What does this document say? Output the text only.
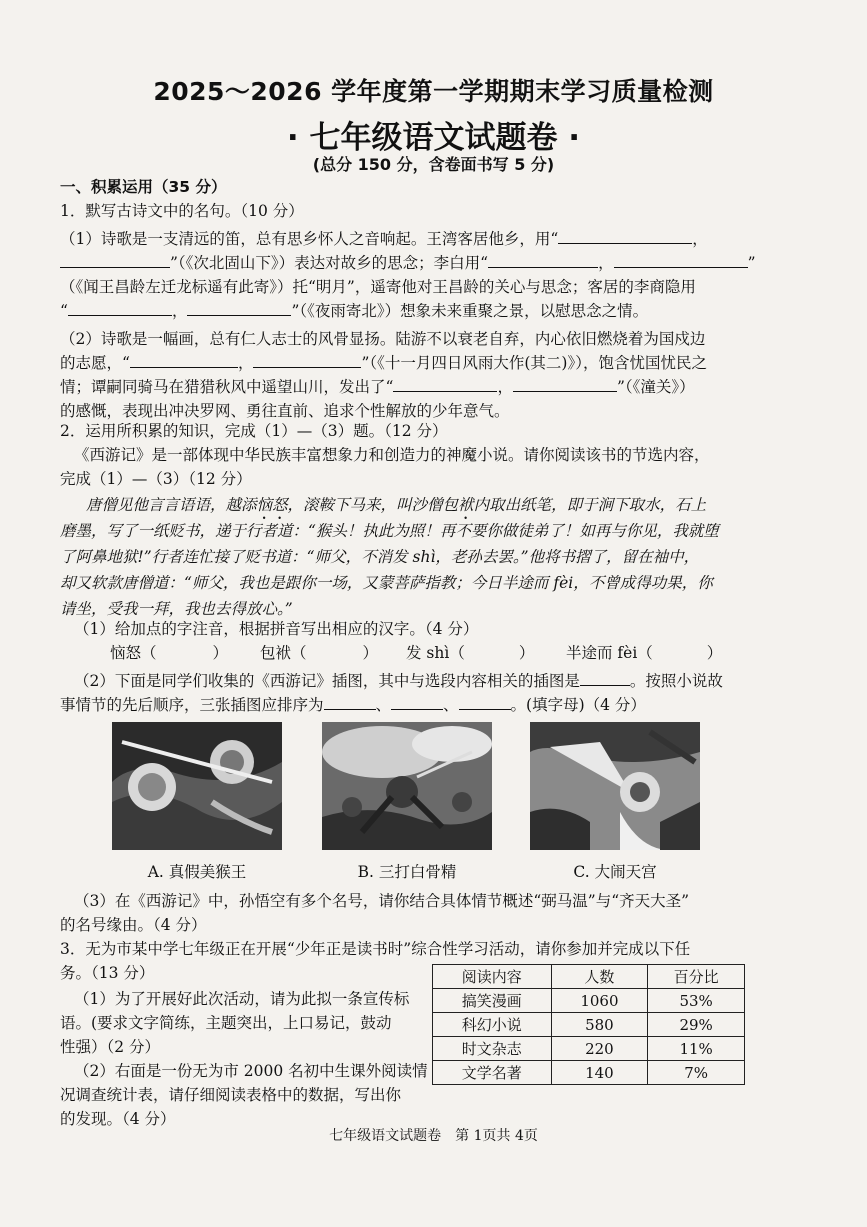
2025～2026 学年度第一学期期末学习质量检测
· 七年级语文试题卷 ·
(总分 150 分，含卷面书写 5 分)
一、积累运用（35 分）
1．默写古诗文中的名句。（10 分）
（1）诗歌是一支清远的笛，总有思乡怀人之音响起。王湾客居他乡，用“	，
”（《次北固山下》）表达对故乡的思念；李白用“	，	”
（《闻王昌龄左迁龙标遥有此寄》）托“明月”，遥寄他对王昌龄的关心与思念；客居的李商隐用
“	，	”（《夜雨寄北》）想象未来重聚之景，以慰思念之情。
（2）诗歌是一幅画，总有仁人志士的风骨显扬。陆游不以衰老自弃，内心依旧燃烧着为国戍边
的志愿，“	，	”（《十一月四日风雨大作(其二)》），饱含忧国忧民之
情；谭嗣同骑马在猎猎秋风中遥望山川，发出了“	，	”（《潼关》）
的感慨，表现出冲决罗网、勇往直前、追求个性解放的少年意气。
2．运用所积累的知识，完成（1）—（3）题。（12 分）
《西游记》是一部体现中华民族丰富想象力和创造力的神魔小说。请你阅读该书的节选内容，
完成（1）—（3）（12 分）
唐僧见他言言语语，越添恼怒，滚鞍下马来，叫沙僧包袱内取出纸笔，即于涧下取水，石上
磨墨，写了一纸贬书，递于行者道：“猴头！执此为照！再不要你做徒弟了！如再与你见，我就堕
了阿鼻地狱!”行者连忙接了贬书道：“师父，不消发 shì，老孙去罢。”他将书摺了，留在袖中，
却又软款唐僧道：“师父，我也是跟你一场，又蒙菩萨指教；今日半途而 fèi，不曾成得功果，你
请坐，受我一拜，我也去得放心。”
（1）给加点的字注音，根据拼音写出相应的汉字。（4 分）
恼怒（	） 包袱（	） 发 shì（	） 半途而 fèi（	）
（2）下面是同学们收集的《西游记》插图，其中与选段内容相关的插图是	。按照小说故
事情节的先后顺序，三张插图应排序为	、	、	。(填字母)（4 分）
A. 真假美猴王	B. 三打白骨精	C. 大闹天宫
（3）在《西游记》中，孙悟空有多个名号，请你结合具体情节概述“弼马温”与“齐天大圣”
的名号缘由。（4 分）
3．无为市某中学七年级正在开展“少年正是读书时”综合性学习活动，请你参加并完成以下任
务。（13 分）
（1）为了开展好此次活动，请为此拟一条宣传标
语。(要求文字简练，主题突出，上口易记，鼓动
性强）（2 分）
（2）右面是一份无为市 2000 名初中生课外阅读情
况调查统计表，请仔细阅读表格中的数据，写出你
的发现。（4 分）
阅读内容	人数	百分比
搞笑漫画	1060	53%
科幻小说	580	29%
时文杂志	220	11%
文学名著	140	7%
七年级语文试题卷　第 1页共 4页
